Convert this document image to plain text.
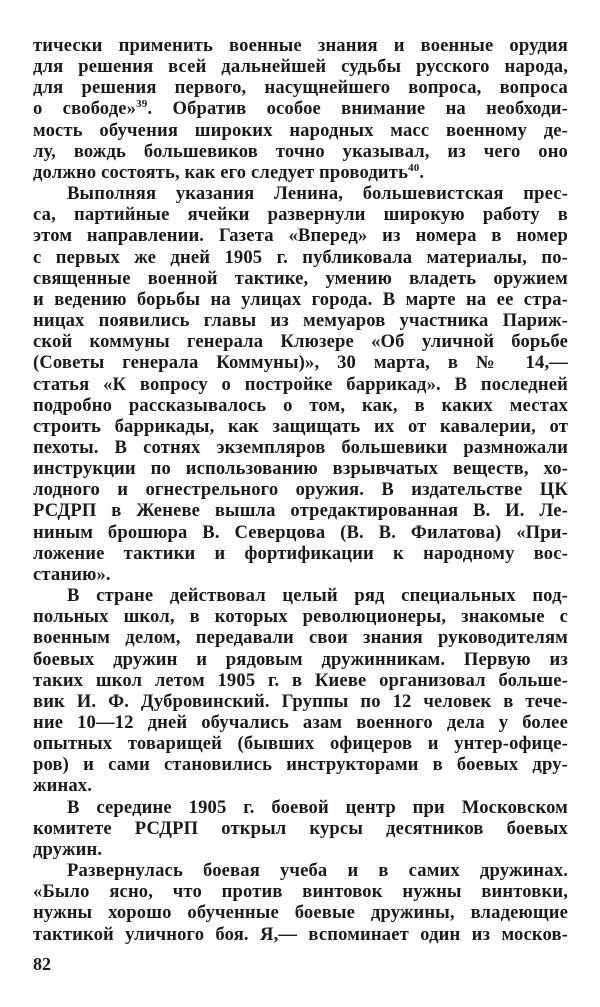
тически применить военные знания и военные орудия
для решения всей дальнейшей судьбы русского народа,
для решения первого, насущнейшего вопроса, вопроса
о свободе»$^{39}$. Обратив особое внимание на необходи-
мость обучения широких народных масс военному де-
лу, вождь большевиков точно указывал, из чего оно
должно состоять, как его следует проводить$^{40}$.
Выполняя указания Ленина, большевистская прес-
са, партийные ячейки развернули широкую работу в
этом направлении. Газета «Вперед» из номера в номер
с первых же дней 1905 г. публиковала материалы, по-
священные военной тактике, умению владеть оружием
и ведению борьбы на улицах города. В марте на ее стра-
ницах появились главы из мемуаров участника Париж-
ской коммуны генерала Клюзере «Об уличной борьбе
(Советы генерала Коммуны)», 30 марта, в № 14,—
статья «К вопросу о постройке баррикад». В последней
подробно рассказывалось о том, как, в каких местах
строить баррикады, как защищать их от кавалерии, от
пехоты. В сотнях экземпляров большевики размножали
инструкции по использованию взрывчатых веществ, хо-
лодного и огнестрельного оружия. В издательстве ЦК
РСДРП в Женеве вышла отредактированная В. И. Ле-
ниным брошюра В. Северцова (В. В. Филатова) «При-
ложение тактики и фортификации к народному вос-
станию».
В стране действовал целый ряд специальных под-
польных школ, в которых революционеры, знакомые с
военным делом, передавали свои знания руководителям
боевых дружин и рядовым дружинникам. Первую из
таких школ летом 1905 г. в Киеве организовал больше-
вик И. Ф. Дубровинский. Группы по 12 человек в тече-
ние 10—12 дней обучались азам военного дела у более
опытных товарищей (бывших офицеров и унтер-офице-
ров) и сами становились инструкторами в боевых дру-
жинах.
В середине 1905 г. боевой центр при Московском
комитете РСДРП открыл курсы десятников боевых
дружин.
Развернулась боевая учеба и в самих дружинах.
«Было ясно, что против винтовок нужны винтовки,
нужны хорошо обученные боевые дружины, владеющие
тактикой уличного боя. Я,— вспоминает один из москов-
82
